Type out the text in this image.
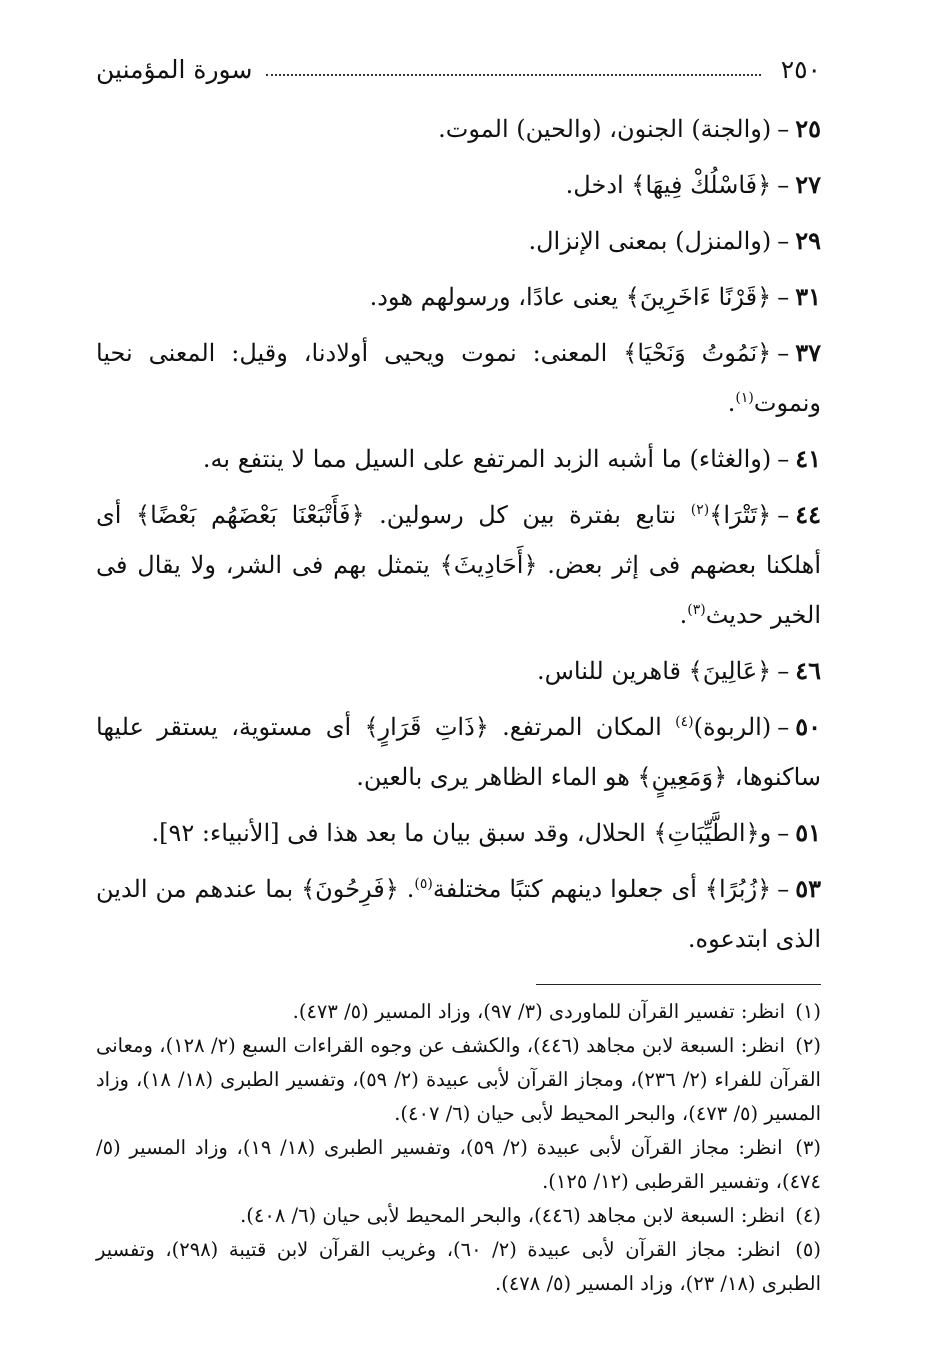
٢٥٠
سورة المؤمنين

٢٥–(والجنة) الجنون، (والحين) الموت.

٢٧–﴿فَاسْلُكْ فِيهَا﴾ ادخل.

٢٩–(والمنزل) بمعنى الإنزال.

٣١–﴿قَرْنًا ءَاخَرِينَ﴾ يعنى عادًا، ورسولهم هود.

٣٧–﴿نَمُوتُ وَنَحْيَا﴾ المعنى: نموت ويحيى أولادنا، وقيل: المعنى نحيا ونموت$^{(١)}$.

٤١–(والغثاء) ما أشبه الزبد المرتفع على السيل مما لا ينتفع به.

٤٤–﴿تَتْرَا﴾$^{(٢)}$ نتابع بفترة بين كل رسولين. ﴿فَأَتْبَعْنَا بَعْضَهُم بَعْضًا﴾ أى أهلكنا بعضهم فى إثر بعض. ﴿أَحَادِيثَ﴾ يتمثل بهم فى الشر، ولا يقال فى الخير حديث$^{(٣)}$.

٤٦–﴿عَالِينَ﴾ قاهرين للناس.

٥٠–(الربوة)$^{(٤)}$ المكان المرتفع. ﴿ذَاتِ قَرَارٍ﴾ أى مستوية، يستقر عليها ساكنوها، ﴿وَمَعِينٍ﴾ هو الماء الظاهر يرى بالعين.

٥١–و﴿الطَّيِّبَاتِ﴾ الحلال، وقد سبق بيان ما بعد هذا فى [الأنبياء: ٩٢].

٥٣–﴿زُبُرًا﴾ أى جعلوا دينهم كتبًا مختلفة$^{(٥)}$. ﴿فَرِحُونَ﴾ بما عندهم من الدين الذى ابتدعوه.

(١) انظر: تفسير القرآن للماوردى (٣/ ٩٧)، وزاد المسير (٥/ ٤٧٣).

(٢) انظر: السبعة لابن مجاهد (٤٤٦)، والكشف عن وجوه القراءات السبع (٢/ ١٢٨)، ومعانى القرآن للفراء (٢/ ٢٣٦)، ومجاز القرآن لأبى عبيدة (٢/ ٥٩)، وتفسير الطبرى (١٨/ ١٨)، وزاد المسير (٥/ ٤٧٣)، والبحر المحيط لأبى حيان (٦/ ٤٠٧).

(٣) انظر: مجاز القرآن لأبى عبيدة (٢/ ٥٩)، وتفسير الطبرى (١٨/ ١٩)، وزاد المسير (٥/ ٤٧٤)، وتفسير القرطبى (١٢/ ١٢٥).

(٤) انظر: السبعة لابن مجاهد (٤٤٦)، والبحر المحيط لأبى حيان (٦/ ٤٠٨).

(٥) انظر: مجاز القرآن لأبى عبيدة (٢/ ٦٠)، وغريب القرآن لابن قتيبة (٢٩٨)، وتفسير الطبرى (١٨/ ٢٣)، وزاد المسير (٥/ ٤٧٨).
